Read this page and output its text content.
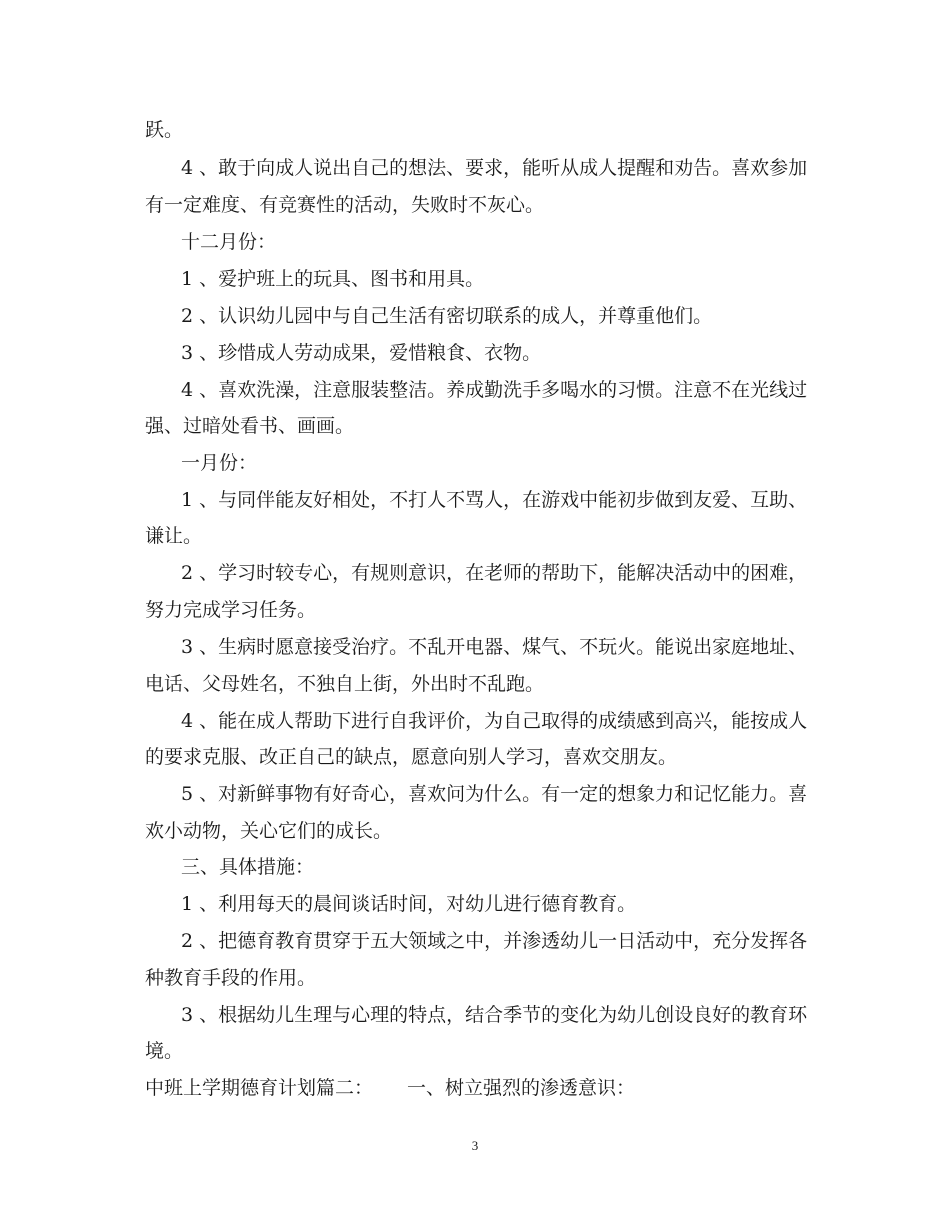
跃。
4 、敢于向成人说出自己的想法、要求，能听从成人提醒和劝告。喜欢参加
有一定难度、有竞赛性的活动，失败时不灰心。
十二月份：
1 、爱护班上的玩具、图书和用具。
2 、认识幼儿园中与自己生活有密切联系的成人，并尊重他们。
3 、珍惜成人劳动成果，爱惜粮食、衣物。
4 、喜欢洗澡，注意服装整洁。养成勤洗手多喝水的习惯。注意不在光线过
强、过暗处看书、画画。
一月份：
1 、与同伴能友好相处，不打人不骂人，在游戏中能初步做到友爱、互助、
谦让。
2 、学习时较专心，有规则意识，在老师的帮助下，能解决活动中的困难，
努力完成学习任务。
3 、生病时愿意接受治疗。不乱开电器、煤气、不玩火。能说出家庭地址、
电话、父母姓名，不独自上街，外出时不乱跑。
4 、能在成人帮助下进行自我评价，为自己取得的成绩感到高兴，能按成人
的要求克服、改正自己的缺点，愿意向别人学习，喜欢交朋友。
5 、对新鲜事物有好奇心，喜欢问为什么。有一定的想象力和记忆能力。喜
欢小动物，关心它们的成长。
三、具体措施：
1 、利用每天的晨间谈话时间，对幼儿进行德育教育。
2 、把德育教育贯穿于五大领域之中，并渗透幼儿一日活动中，充分发挥各
种教育手段的作用。
3 、根据幼儿生理与心理的特点，结合季节的变化为幼儿创设良好的教育环
境。
中班上学期德育计划篇二： 一、树立强烈的渗透意识：
3
